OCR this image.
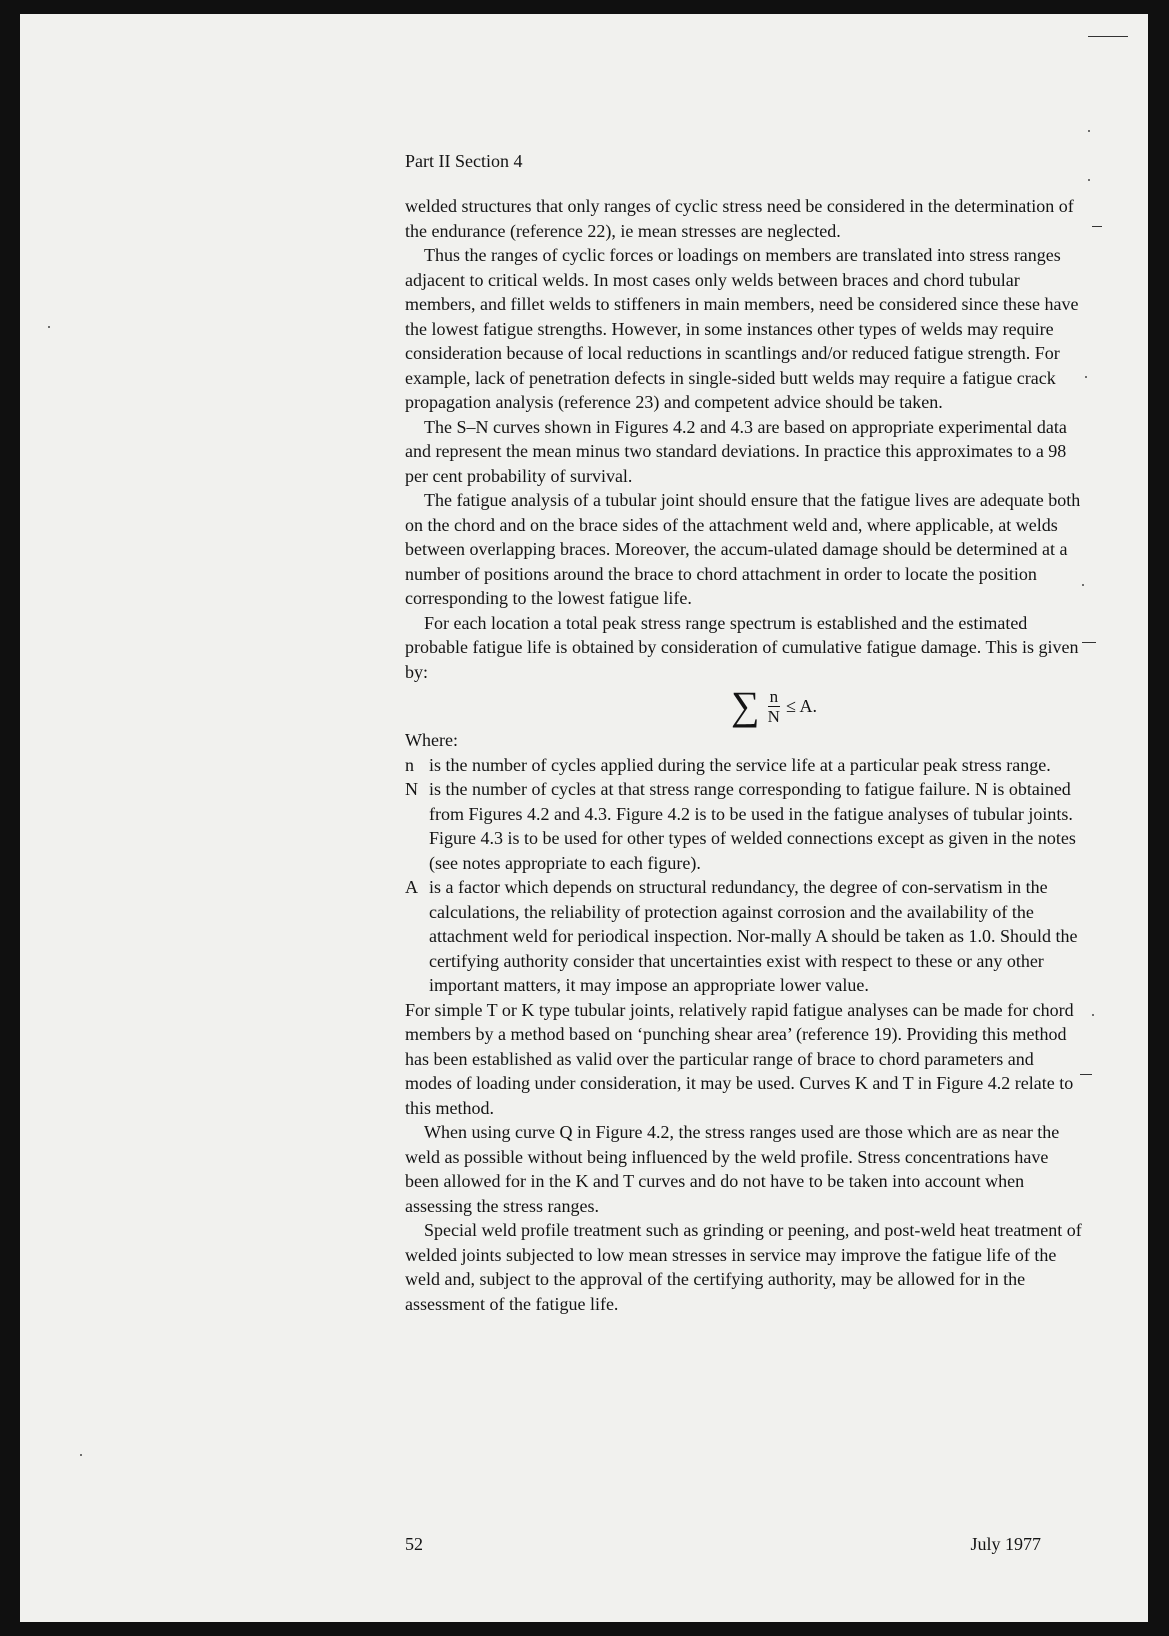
Part II Section 4

welded structures that only ranges of cyclic stress need be considered in the determination of the endurance (reference 22), ie mean stresses are neglected.

Thus the ranges of cyclic forces or loadings on members are translated into stress ranges adjacent to critical welds. In most cases only welds between braces and chord tubular members, and fillet welds to stiffeners in main members, need be considered since these have the lowest fatigue strengths. However, in some instances other types of welds may require consideration because of local reductions in scantlings and/or reduced fatigue strength. For example, lack of penetration defects in single-sided butt welds may require a fatigue crack propagation analysis (reference 23) and competent advice should be taken.

The S–N curves shown in Figures 4.2 and 4.3 are based on appropriate experimental data and represent the mean minus two standard deviations. In practice this approximates to a 98 per cent probability of survival.

The fatigue analysis of a tubular joint should ensure that the fatigue lives are adequate both on the chord and on the brace sides of the attachment weld and, where applicable, at welds between overlapping braces. Moreover, the accum-ulated damage should be determined at a number of positions around the brace to chord attachment in order to locate the position corresponding to the lowest fatigue life.

For each location a total peak stress range spectrum is established and the estimated probable fatigue life is obtained by consideration of cumulative fatigue damage. This is given by:

∑ $\frac{n}{N} \le A$.

Where:

n is the number of cycles applied during the service life at a particular peak stress range.
N is the number of cycles at that stress range corresponding to fatigue failure. N is obtained from Figures 4.2 and 4.3. Figure 4.2 is to be used in the fatigue analyses of tubular joints. Figure 4.3 is to be used for other types of welded connections except as given in the notes (see notes appropriate to each figure).
A is a factor which depends on structural redundancy, the degree of con-servatism in the calculations, the reliability of protection against corrosion and the availability of the attachment weld for periodical inspection. Nor-mally A should be taken as 1.0. Should the certifying authority consider that uncertainties exist with respect to these or any other important matters, it may impose an appropriate lower value.

For simple T or K type tubular joints, relatively rapid fatigue analyses can be made for chord members by a method based on ‘punching shear area’ (reference 19). Providing this method has been established as valid over the particular range of brace to chord parameters and modes of loading under consideration, it may be used. Curves K and T in Figure 4.2 relate to this method.

When using curve Q in Figure 4.2, the stress ranges used are those which are as near the weld as possible without being influenced by the weld profile. Stress concentrations have been allowed for in the K and T curves and do not have to be taken into account when assessing the stress ranges.

Special weld profile treatment such as grinding or peening, and post-weld heat treatment of welded joints subjected to low mean stresses in service may improve the fatigue life of the weld and, subject to the approval of the certifying authority, may be allowed for in the assessment of the fatigue life.

52	July 1977
